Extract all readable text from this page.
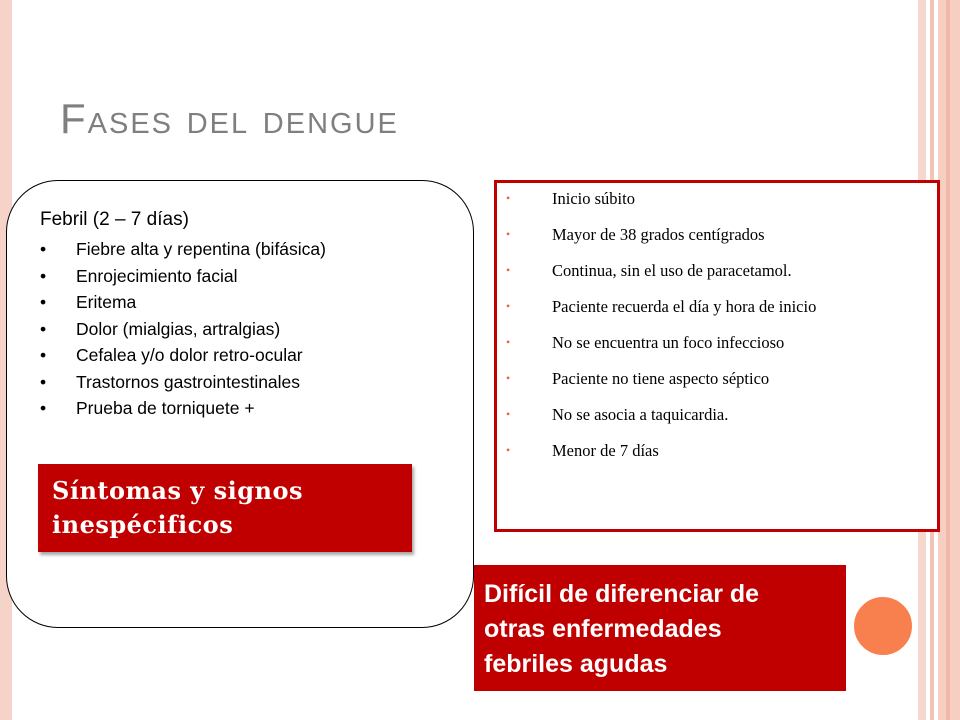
Fases del dengue

Febril (2 – 7 días)

• Fiebre alta y repentina (bifásica)
• Enrojecimiento facial
• Eritema
• Dolor (mialgias, artralgias)
• Cefalea y/o dolor retro-ocular
• Trastornos gastrointestinales
• Prueba de torniquete +
Síntomas y signos
inespécificos
• Inicio súbito
• Mayor de 38 grados centígrados
• Continua, sin el uso de paracetamol.
• Paciente recuerda el día y hora de inicio
• No se encuentra un foco infeccioso
• Paciente no tiene aspecto séptico
• No se asocia a taquicardia.
• Menor de 7 días
Difícil de diferenciar de
otras enfermedades
febriles agudas
